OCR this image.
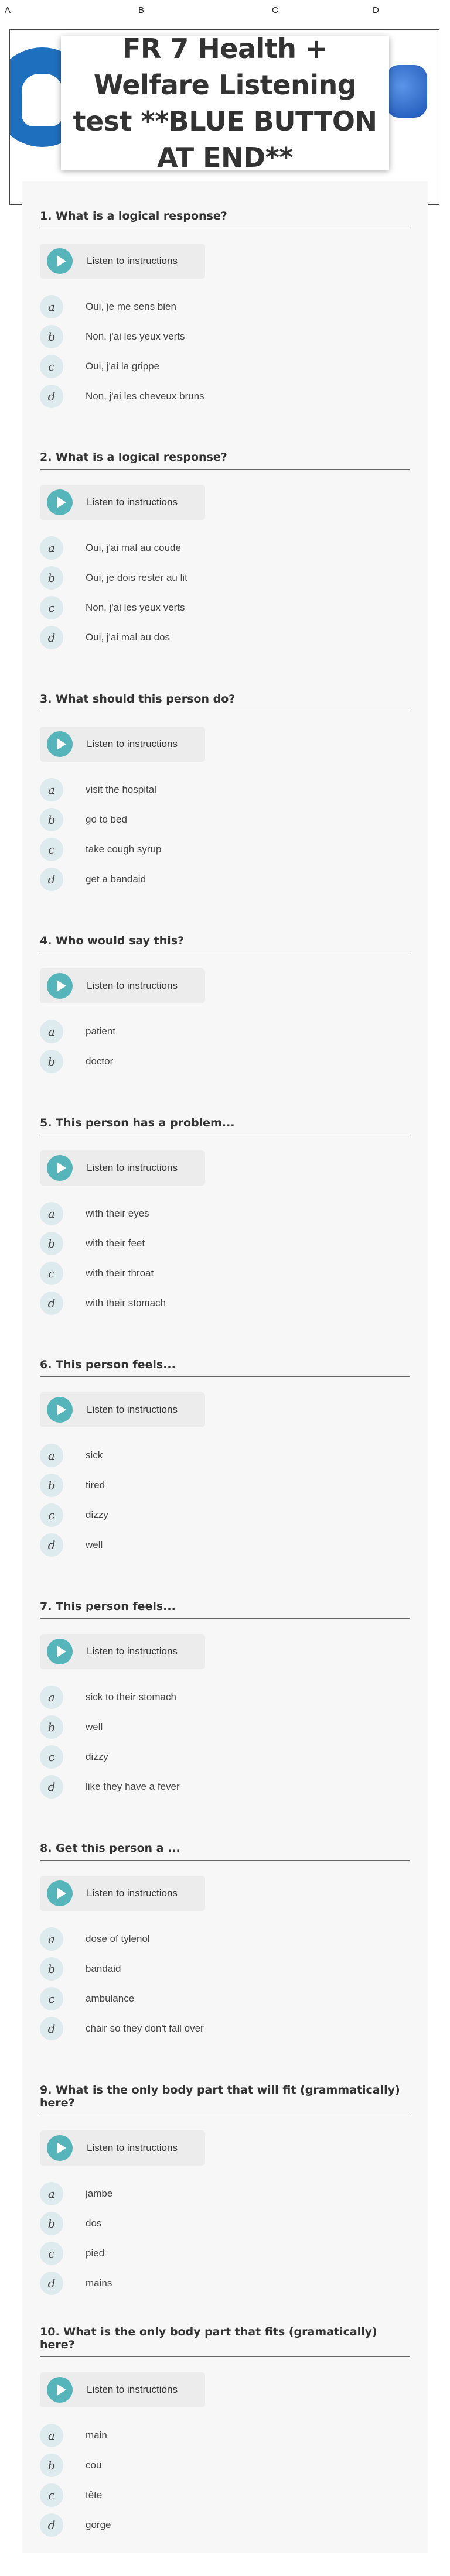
A	B	C	D
FR 7 Health + Welfare Listening test **BLUE BUTTON AT END**
1. What is a logical response?
Listen to instructions
a	Oui, je me sens bien
b	Non, j'ai les yeux verts
c	Oui, j'ai la grippe
d	Non, j'ai les cheveux bruns
2. What is a logical response?
Listen to instructions
a	Oui, j'ai mal au coude
b	Oui, je dois rester au lit
c	Non, j'ai les yeux verts
d	Oui, j'ai mal au dos
3. What should this person do?
Listen to instructions
a	visit the hospital
b	go to bed
c	take cough syrup
d	get a bandaid
4. Who would say this?
Listen to instructions
a	patient
b	doctor
5. This person has a problem...
Listen to instructions
a	with their eyes
b	with their feet
c	with their throat
d	with their stomach
6. This person feels...
Listen to instructions
a	sick
b	tired
c	dizzy
d	well
7. This person feels...
Listen to instructions
a	sick to their stomach
b	well
c	dizzy
d	like they have a fever
8. Get this person a ...
Listen to instructions
a	dose of tylenol
b	bandaid
c	ambulance
d	chair so they don't fall over
9. What is the only body part that will fit (grammatically) here?
Listen to instructions
a	jambe
b	dos
c	pied
d	mains
10. What is the only body part that fits (gramatically) here?
Listen to instructions
a	main
b	cou
c	tête
d	gorge
